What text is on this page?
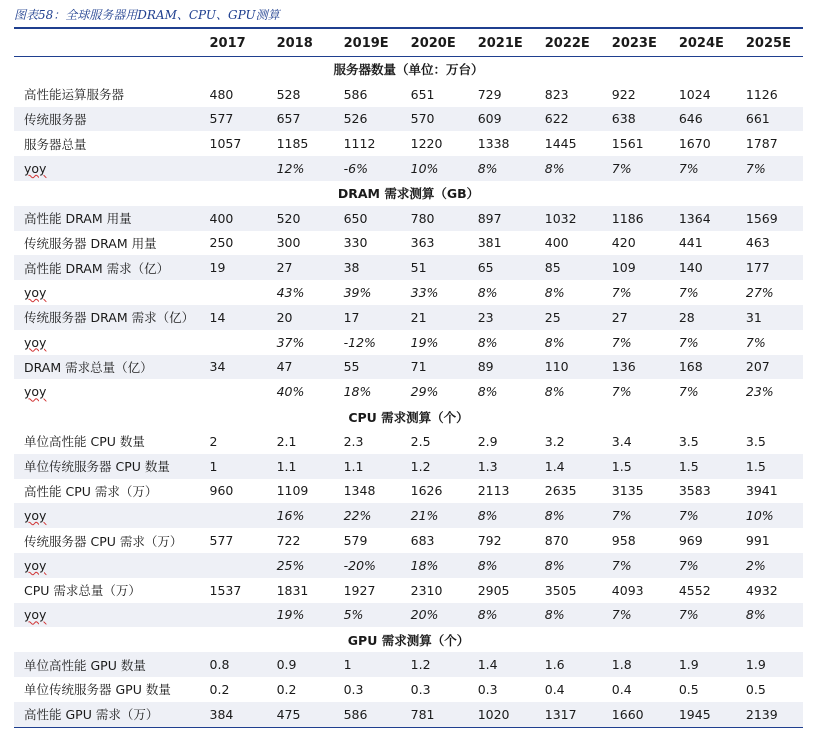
图表58：全球服务器用DRAM、CPU、GPU测算
	2017	2018	2019E	2020E	2021E	2022E	2023E	2024E	2025E
服务器数量（单位：万台）									
高性能运算服务器	480	528	586	651	729	823	922	1024	1126
传统服务器	577	657	526	570	609	622	638	646	661
服务器总量	1057	1185	1112	1220	1338	1445	1561	1670	1787
yoy		12%	-6%	10%	8%	8%	7%	7%	7%
DRAM 需求测算（GB）									
高性能 DRAM 用量	400	520	650	780	897	1032	1186	1364	1569
传统服务器 DRAM 用量	250	300	330	363	381	400	420	441	463
高性能 DRAM 需求（亿）	19	27	38	51	65	85	109	140	177
yoy		43%	39%	33%	8%	8%	7%	7%	27%
传统服务器 DRAM 需求（亿）	14	20	17	21	23	25	27	28	31
yoy		37%	-12%	19%	8%	8%	7%	7%	7%
DRAM 需求总量（亿）	34	47	55	71	89	110	136	168	207
yoy		40%	18%	29%	8%	8%	7%	7%	23%
CPU 需求测算（个）									
单位高性能 CPU 数量	2	2.1	2.3	2.5	2.9	3.2	3.4	3.5	3.5
单位传统服务器 CPU 数量	1	1.1	1.1	1.2	1.3	1.4	1.5	1.5	1.5
高性能 CPU 需求（万）	960	1109	1348	1626	2113	2635	3135	3583	3941
yoy		16%	22%	21%	8%	8%	7%	7%	10%
传统服务器 CPU 需求（万）	577	722	579	683	792	870	958	969	991
yoy		25%	-20%	18%	8%	8%	7%	7%	2%
CPU 需求总量（万）	1537	1831	1927	2310	2905	3505	4093	4552	4932
yoy		19%	5%	20%	8%	8%	7%	7%	8%
GPU 需求测算（个）									
单位高性能 GPU 数量	0.8	0.9	1	1.2	1.4	1.6	1.8	1.9	1.9
单位传统服务器 GPU 数量	0.2	0.2	0.3	0.3	0.3	0.4	0.4	0.5	0.5
高性能 GPU 需求（万）	384	475	586	781	1020	1317	1660	1945	2139
